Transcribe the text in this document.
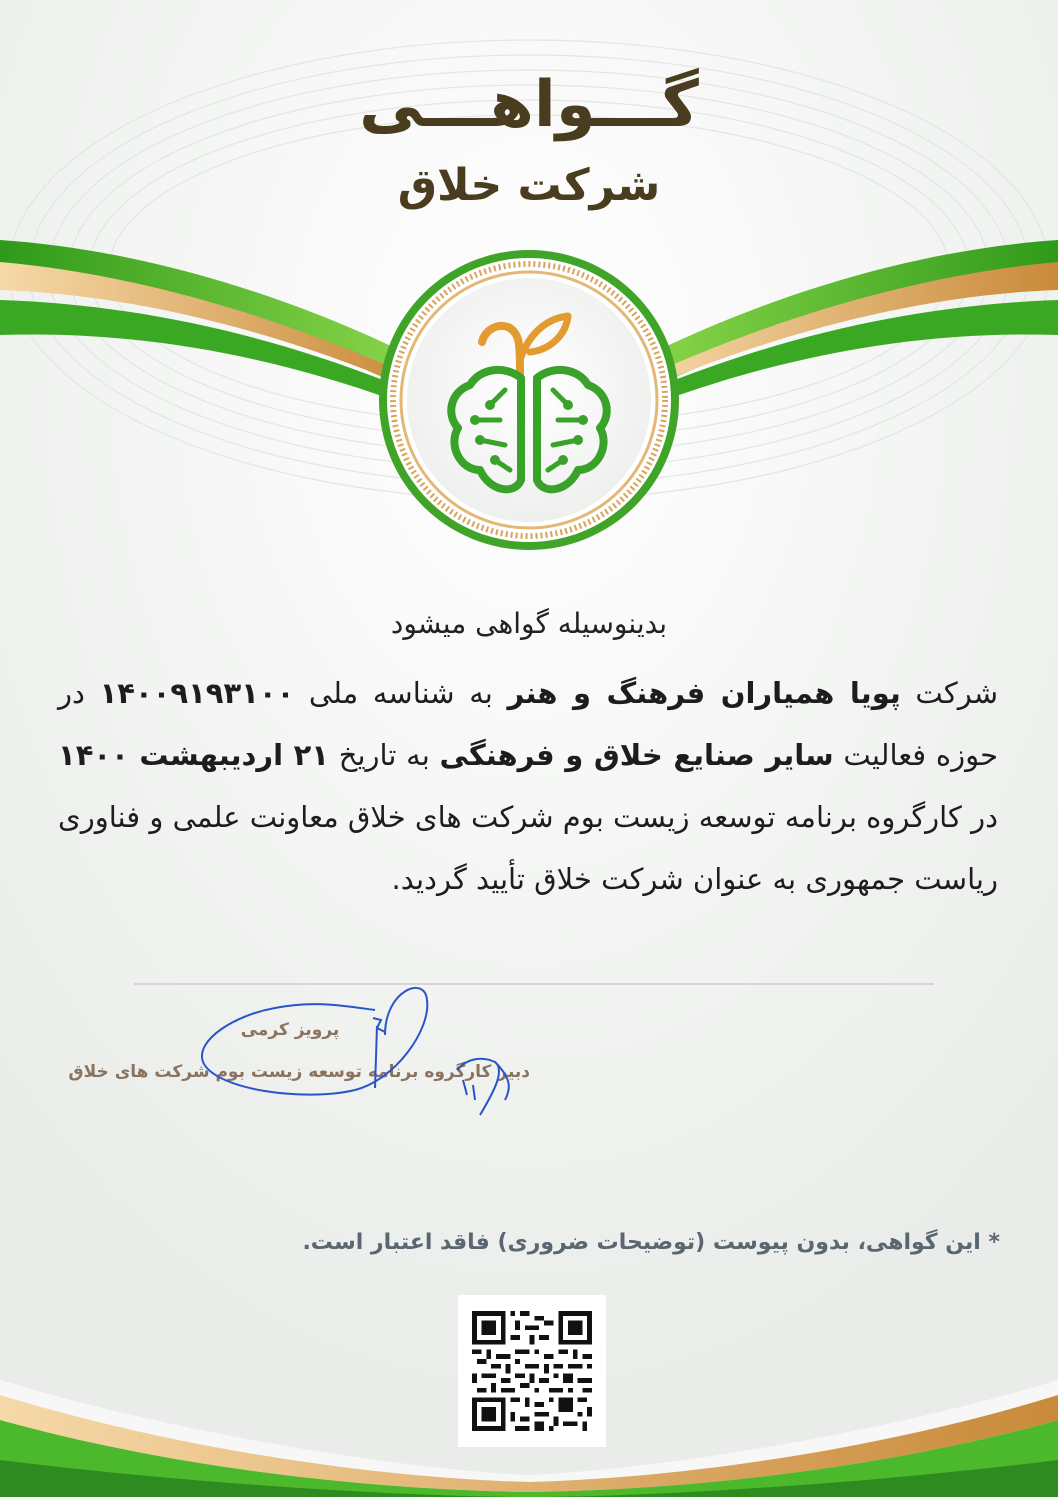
گـــواهـــی
شرکت خلاق
بدینوسیله گواهی میشود
شرکت پویا همیاران فرهنگ و هنر به شناسه ملی ۱۴۰۰۹۱۹۳۱۰۰ در حوزه فعالیت سایر صنایع خلاق و فرهنگی به تاریخ ۲۱ اردیبهشت ۱۴۰۰ در کارگروه برنامه توسعه زیست بوم شرکت های خلاق معاونت علمی و فناوری ریاست جمهوری به عنوان شرکت خلاق تأیید گردید.
پرویز کرمی
دبیر کارگروه برنامه توسعه زیست بوم شرکت های خلاق
* این گواهی، بدون پیوست (توضیحات ضروری) فاقد اعتبار است.
